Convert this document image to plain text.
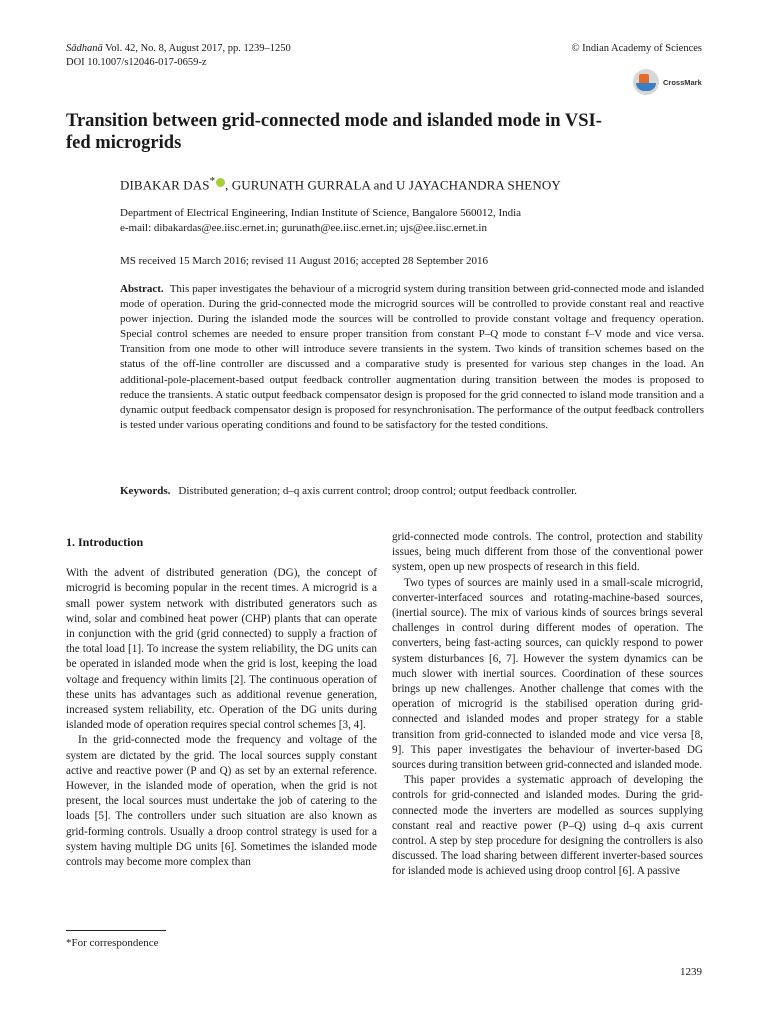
Sādhanā Vol. 42, No. 8, August 2017, pp. 1239–1250
DOI 10.1007/s12046-017-0659-z
© Indian Academy of Sciences
CrossMark
Transition between grid-connected mode and islanded mode in VSI-fed microgrids
DIBAKAR DAS* , GURUNATH GURRALA and U JAYACHANDRA SHENOY
Department of Electrical Engineering, Indian Institute of Science, Bangalore 560012, India
e-mail: dibakardas@ee.iisc.ernet.in; gurunath@ee.iisc.ernet.in; ujs@ee.iisc.ernet.in
MS received 15 March 2016; revised 11 August 2016; accepted 28 September 2016
Abstract. This paper investigates the behaviour of a microgrid system during transition between grid-connected mode and islanded mode of operation. During the grid-connected mode the microgrid sources will be controlled to provide constant real and reactive power injection. During the islanded mode the sources will be controlled to provide constant voltage and frequency operation. Special control schemes are needed to ensure proper transition from constant P–Q mode to constant f–V mode and vice versa. Transition from one mode to other will introduce severe transients in the system. Two kinds of transition schemes based on the status of the off-line controller are discussed and a comparative study is presented for various step changes in the load. An additional-pole-placement-based output feedback controller augmentation during transition between the modes is proposed to reduce the transients. A static output feedback compensator design is proposed for the grid connected to island mode transition and a dynamic output feedback compensator design is proposed for resynchronisation. The performance of the output feedback controllers is tested under various operating conditions and found to be satisfactory for the tested conditions.
Keywords. Distributed generation; d–q axis current control; droop control; output feedback controller.
1. Introduction

With the advent of distributed generation (DG), the concept of microgrid is becoming popular in the recent times. A microgrid is a small power system network with distributed generators such as wind, solar and combined heat power (CHP) plants that can operate in conjunction with the grid (grid connected) to supply a fraction of the total load [1]. To increase the system reliability, the DG units can be operated in islanded mode when the grid is lost, keeping the load voltage and frequency within limits [2]. The continuous operation of these units has advantages such as additional revenue generation, increased system reliability, etc. Operation of the DG units during islanded mode of operation requires special control schemes [3, 4].

In the grid-connected mode the frequency and voltage of the system are dictated by the grid. The local sources supply constant active and reactive power (P and Q) as set by an external reference. However, in the islanded mode of operation, when the grid is not present, the local sources must undertake the job of catering to the loads [5]. The controllers under such situation are also known as grid-forming controls. Usually a droop control strategy is used for a system having multiple DG units [6]. Sometimes the islanded mode controls may become more complex than

grid-connected mode controls. The control, protection and stability issues, being much different from those of the conventional power system, open up new prospects of research in this field.

Two types of sources are mainly used in a small-scale microgrid, converter-interfaced sources and rotating-machine-based sources, (inertial source). The mix of various kinds of sources brings several challenges in control during different modes of operation. The converters, being fast-acting sources, can quickly respond to power system disturbances [6, 7]. However the system dynamics can be much slower with inertial sources. Coordination of these sources brings up new challenges. Another challenge that comes with the operation of microgrid is the stabilised operation during grid-connected and islanded modes and proper strategy for a stable transition from grid-connected to islanded mode and vice versa [8, 9]. This paper investigates the behaviour of inverter-based DG sources during transition between grid-connected and islanded mode.

This paper provides a systematic approach of developing the controls for grid-connected and islanded modes. During the grid-connected mode the inverters are modelled as sources supplying constant real and reactive power (P–Q) using d–q axis current control. A step by step procedure for designing the controllers is also discussed. The load sharing between different inverter-based sources for islanded mode is achieved using droop control [6]. A passive

*For correspondence
1239
